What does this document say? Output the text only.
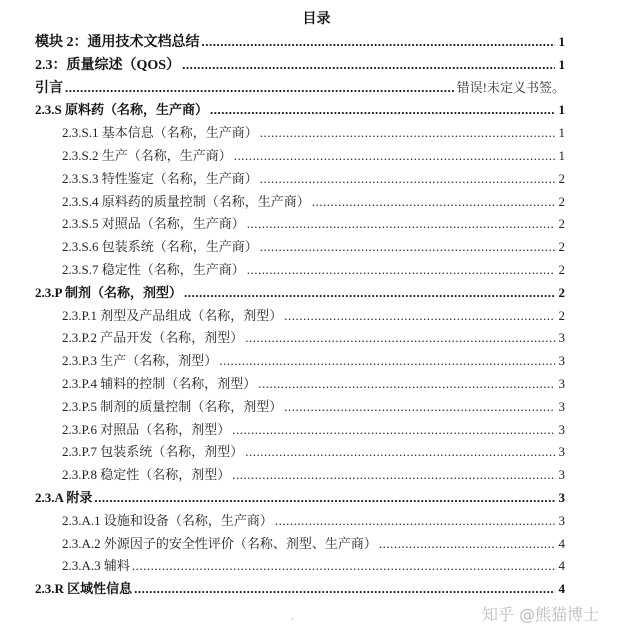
目录
模块 2：通用技术文档总结 .....	1
2.3：质量综述（QOS） .....	1
引言 .....	错误!未定义书签。
2.3.S 原料药（名称，生产商） .....	1
2.3.S.1 基本信息（名称，生产商） .....	1
2.3.S.2 生产（名称，生产商） .....	1
2.3.S.3 特性鉴定（名称，生产商） .....	2
2.3.S.4 原料药的质量控制（名称，生产商） .....	2
2.3.S.5 对照品（名称，生产商） .....	2
2.3.S.6 包装系统（名称，生产商） .....	2
2.3.S.7 稳定性（名称，生产商） .....	2
2.3.P 制剂（名称，剂型） .....	2
2.3.P.1 剂型及产品组成（名称，剂型） .....	2
2.3.P.2 产品开发（名称，剂型） .....	3
2.3.P.3 生产（名称，剂型） .....	3
2.3.P.4 辅料的控制（名称，剂型） .....	3
2.3.P.5 制剂的质量控制（名称，剂型） .....	3
2.3.P.6 对照品（名称，剂型） .....	3
2.3.P.7 包装系统（名称，剂型） .....	3
2.3.P.8 稳定性（名称，剂型） .....	3
2.3.A 附录 .....	3
2.3.A.1 设施和设备（名称，生产商） .....	3
2.3.A.2 外源因子的安全性评价（名称、剂型、生产商） .....	4
2.3.A.3 辅料 .....	4
2.3.R 区域性信息 .....	4
知乎 @熊猫博士
'
